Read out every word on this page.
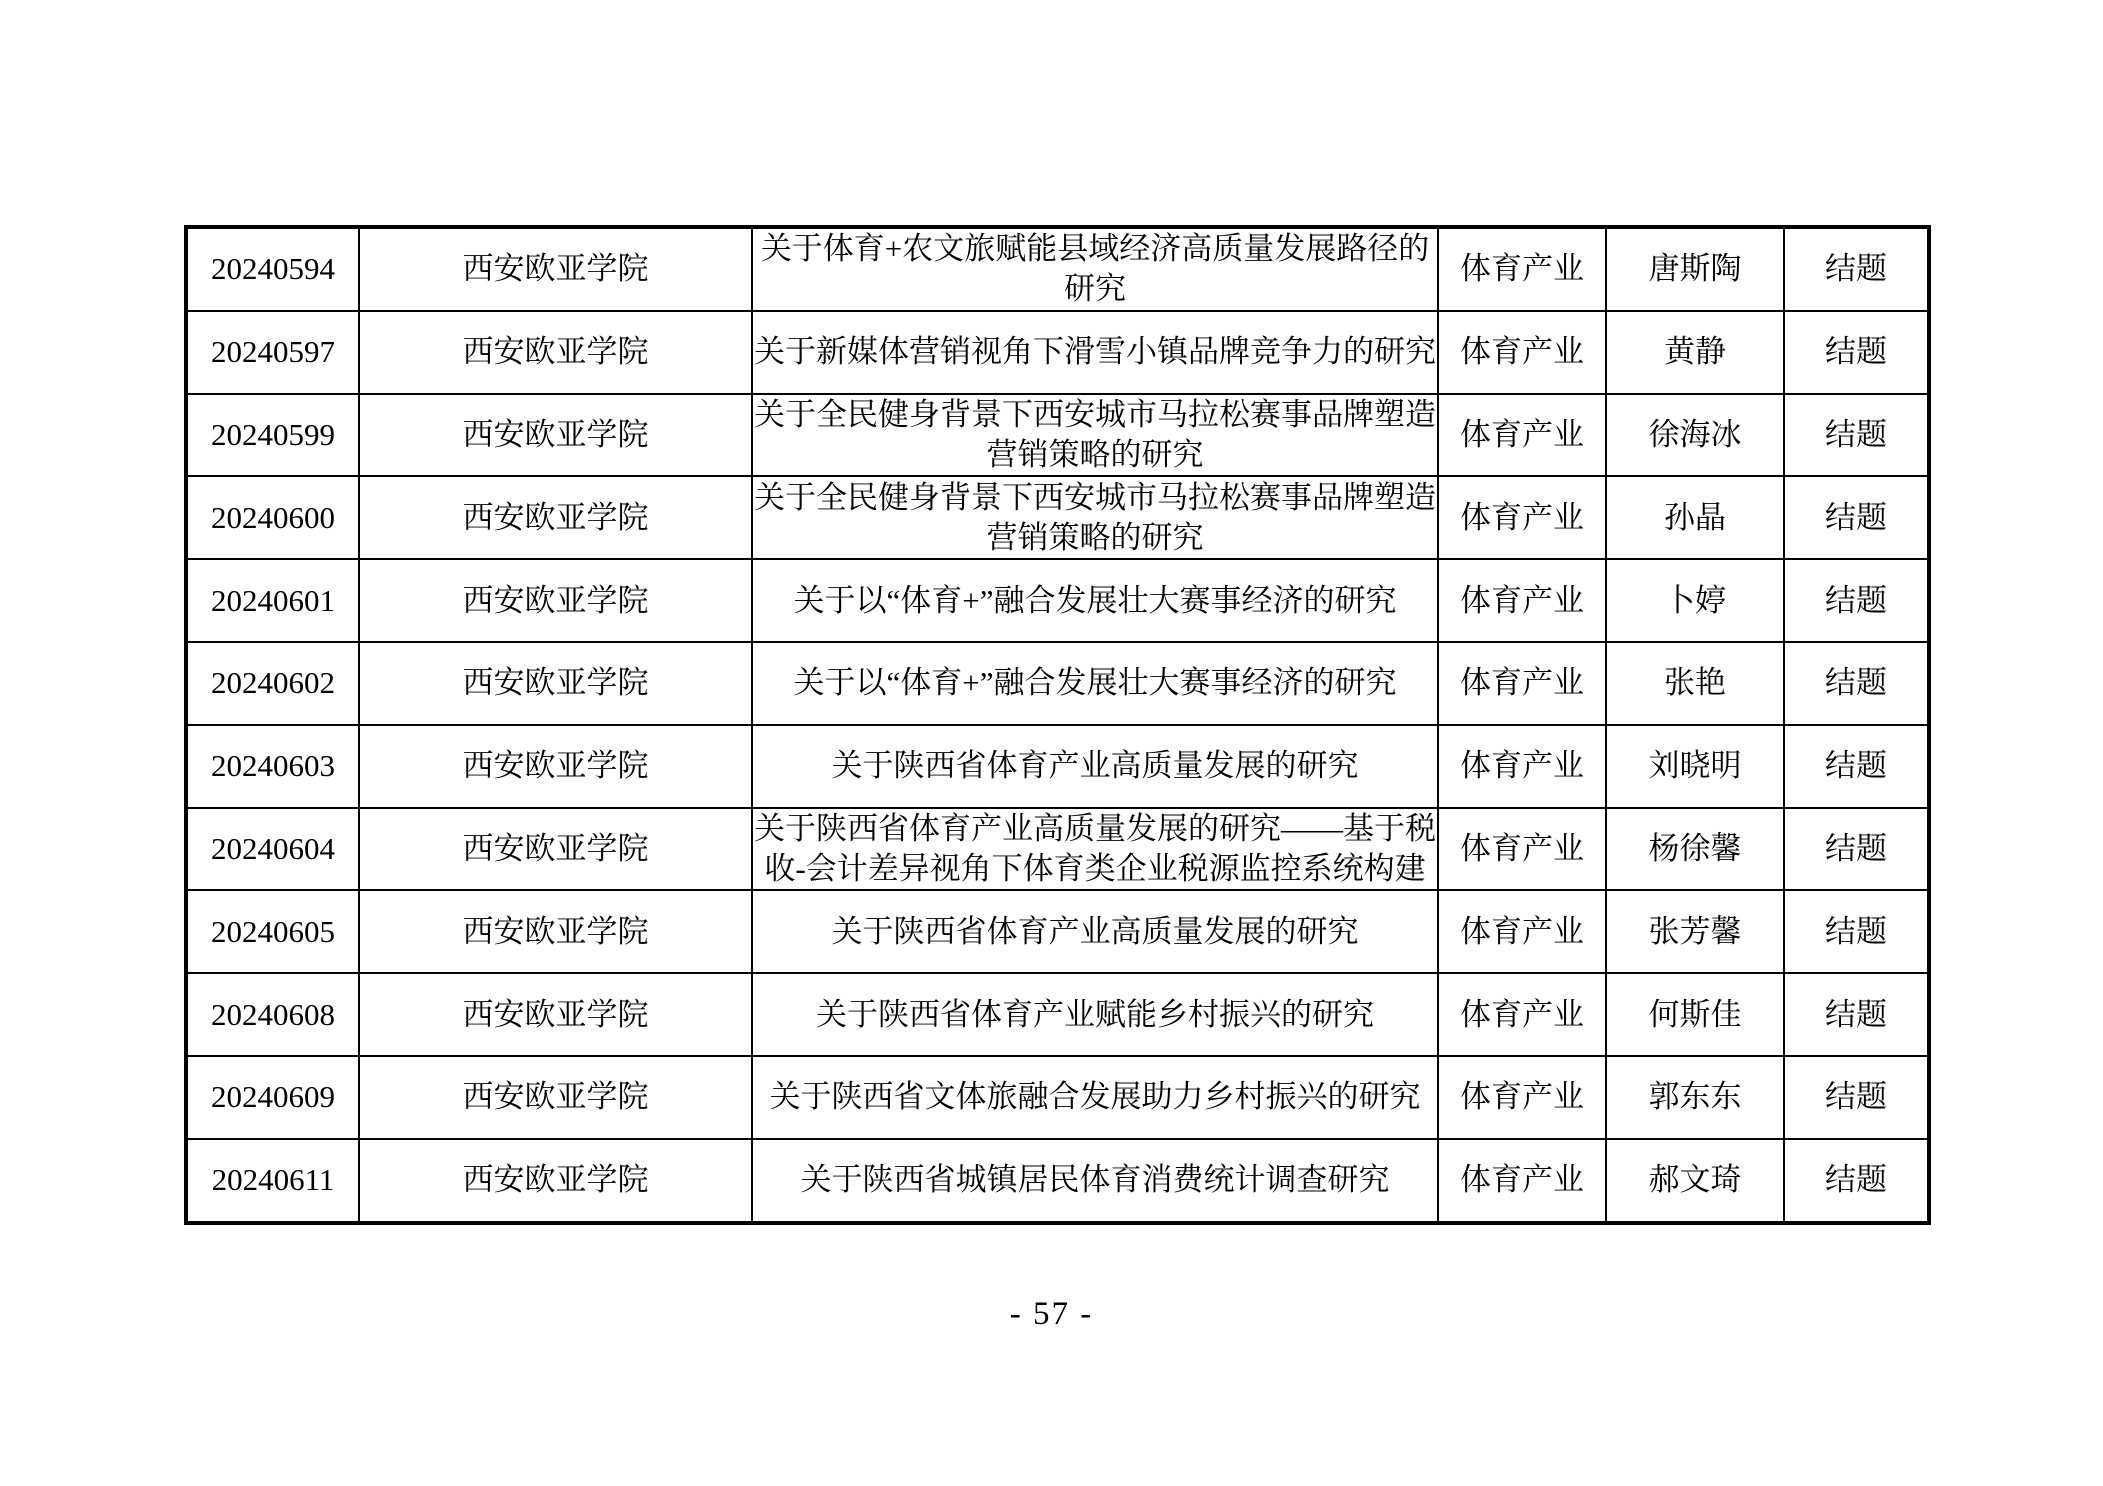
20240594	西安欧亚学院	关于体育+农文旅赋能县域经济高质量发展路径的研究	体育产业	唐斯陶	结题
20240597	西安欧亚学院	关于新媒体营销视角下滑雪小镇品牌竞争力的研究	体育产业	黄静	结题
20240599	西安欧亚学院	关于全民健身背景下西安城市马拉松赛事品牌塑造营销策略的研究	体育产业	徐海冰	结题
20240600	西安欧亚学院	关于全民健身背景下西安城市马拉松赛事品牌塑造营销策略的研究	体育产业	孙晶	结题
20240601	西安欧亚学院	关于以“体育+”融合发展壮大赛事经济的研究	体育产业	卜婷	结题
20240602	西安欧亚学院	关于以“体育+”融合发展壮大赛事经济的研究	体育产业	张艳	结题
20240603	西安欧亚学院	关于陕西省体育产业高质量发展的研究	体育产业	刘晓明	结题
20240604	西安欧亚学院	关于陕西省体育产业高质量发展的研究——基于税收-会计差异视角下体育类企业税源监控系统构建	体育产业	杨徐馨	结题
20240605	西安欧亚学院	关于陕西省体育产业高质量发展的研究	体育产业	张芳馨	结题
20240608	西安欧亚学院	关于陕西省体育产业赋能乡村振兴的研究	体育产业	何斯佳	结题
20240609	西安欧亚学院	关于陕西省文体旅融合发展助力乡村振兴的研究	体育产业	郭东东	结题
20240611	西安欧亚学院	关于陕西省城镇居民体育消费统计调查研究	体育产业	郝文琦	结题
- 57 -
